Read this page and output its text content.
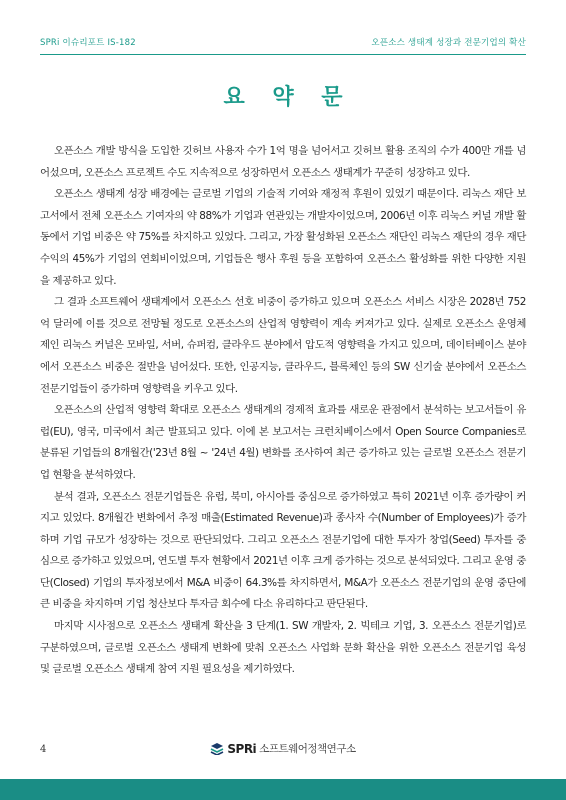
SPRi 이슈리포트 IS-182	오픈소스 생태계 성장과 전문기업의 확산
요 약 문

오픈소스 개발 방식을 도입한 깃허브 사용자 수가 1억 명을 넘어서고 깃허브 활용 조직의 수가 400만 개를 넘어섰으며, 오픈소스 프로젝트 수도 지속적으로 성장하면서 오픈소스 생태계가 꾸준히 성장하고 있다.

오픈소스 생태계 성장 배경에는 글로벌 기업의 기술적 기여와 재정적 후원이 있었기 때문이다. 리눅스 재단 보고서에서 전체 오픈소스 기여자의 약 88%가 기업과 연관있는 개발자이었으며, 2006년 이후 리눅스 커널 개발 활동에서 기업 비중은 약 75%를 차지하고 있었다. 그리고, 가장 활성화된 오픈소스 재단인 리눅스 재단의 경우 재단 수익의 45%가 기업의 연회비이었으며, 기업들은 행사 후원 등을 포함하여 오픈소스 활성화를 위한 다양한 지원을 제공하고 있다.

그 결과 소프트웨어 생태계에서 오픈소스 선호 비중이 증가하고 있으며 오픈소스 서비스 시장은 2028년 752억 달러에 이를 것으로 전망될 정도로 오픈소스의 산업적 영향력이 계속 커져가고 있다. 실제로 오픈소스 운영체제인 리눅스 커널은 모바일, 서버, 슈퍼컴, 클라우드 분야에서 압도적 영향력을 가지고 있으며, 데이터베이스 분야에서 오픈소스 비중은 절반을 넘어섰다. 또한, 인공지능, 클라우드, 블록체인 등의 SW 신기술 분야에서 오픈소스 전문기업들이 증가하며 영향력을 키우고 있다.

오픈소스의 산업적 영향력 확대로 오픈소스 생태계의 경제적 효과를 새로운 관점에서 분석하는 보고서들이 유럽(EU), 영국, 미국에서 최근 발표되고 있다. 이에 본 보고서는 크런치베이스에서 Open Source Companies로 분류된 기업들의 8개월간('23년 8월 ~ '24년 4월) 변화를 조사하여 최근 증가하고 있는 글로벌 오픈소스 전문기업 현황을 분석하였다.

분석 결과, 오픈소스 전문기업들은 유럽, 북미, 아시아를 중심으로 증가하였고 특히 2021년 이후 증가량이 커지고 있었다. 8개월간 변화에서 추정 매출(Estimated Revenue)과 종사자 수(Number of Employees)가 증가하며 기업 규모가 성장하는 것으로 판단되었다. 그리고 오픈소스 전문기업에 대한 투자가 창업(Seed) 투자를 중심으로 증가하고 있었으며, 연도별 투자 현황에서 2021년 이후 크게 증가하는 것으로 분석되었다. 그리고 운영 중단(Closed) 기업의 투자정보에서 M&A 비중이 64.3%를 차지하면서, M&A가 오픈소스 전문기업의 운영 중단에 큰 비중을 차지하며 기업 청산보다 투자금 회수에 다소 유리하다고 판단된다.

마지막 시사점으로 오픈소스 생태계 확산을 3 단계(1. SW 개발자, 2. 빅테크 기업, 3. 오픈소스 전문기업)로 구분하였으며, 글로벌 오픈소스 생태계 변화에 맞춰 오픈소스 사업화 문화 확산을 위한 오픈소스 전문기업 육성 및 글로벌 오픈소스 생태계 참여 지원 필요성을 제기하였다.

4	SPRi 소프트웨어정책연구소
